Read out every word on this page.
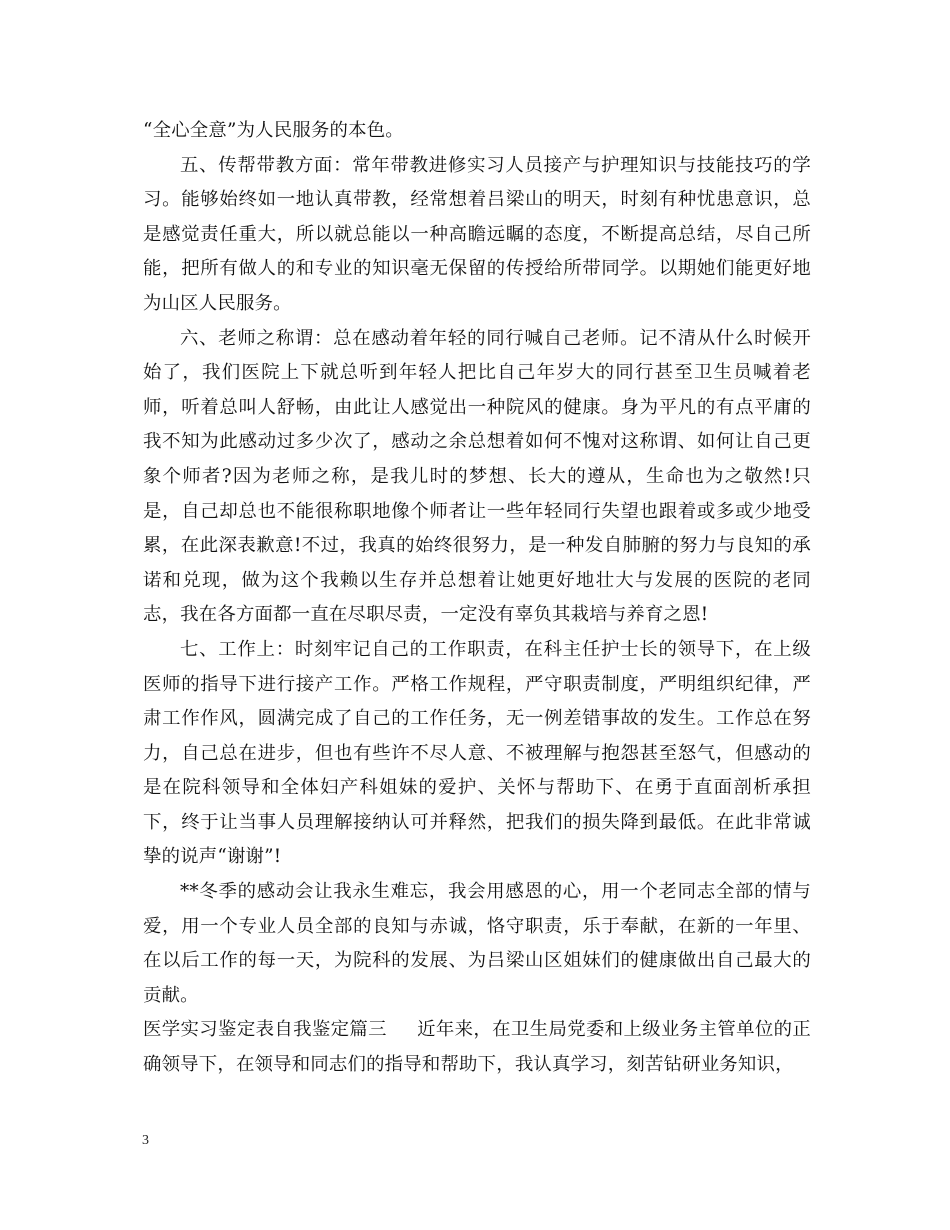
“全心全意”为人民服务的本色。

五、传帮带教方面：常年带教进修实习人员接产与护理知识与技能技巧的学习。能够始终如一地认真带教，经常想着吕梁山的明天，时刻有种忧患意识，总是感觉责任重大，所以就总能以一种高瞻远瞩的态度，不断提高总结，尽自己所能，把所有做人的和专业的知识毫无保留的传授给所带同学。以期她们能更好地为山区人民服务。

六、老师之称谓：总在感动着年轻的同行喊自己老师。记不清从什么时候开始了，我们医院上下就总听到年轻人把比自己年岁大的同行甚至卫生员喊着老师，听着总叫人舒畅，由此让人感觉出一种院风的健康。身为平凡的有点平庸的我不知为此感动过多少次了，感动之余总想着如何不愧对这称谓、如何让自己更象个师者?因为老师之称，是我儿时的梦想、长大的遵从，生命也为之敬然!只是，自己却总也不能很称职地像个师者让一些年轻同行失望也跟着或多或少地受累，在此深表歉意!不过，我真的始终很努力，是一种发自肺腑的努力与良知的承诺和兑现，做为这个我赖以生存并总想着让她更好地壮大与发展的医院的老同志，我在各方面都一直在尽职尽责，一定没有辜负其栽培与养育之恩!

七、工作上：时刻牢记自己的工作职责，在科主任护士长的领导下，在上级医师的指导下进行接产工作。严格工作规程，严守职责制度，严明组织纪律，严肃工作作风，圆满完成了自己的工作任务，无一例差错事故的发生。工作总在努力，自己总在进步，但也有些许不尽人意、不被理解与抱怨甚至怒气，但感动的是在院科领导和全体妇产科姐妹的爱护、关怀与帮助下、在勇于直面剖析承担下，终于让当事人员理解接纳认可并释然，把我们的损失降到最低。在此非常诚挚的说声“谢谢”!

**冬季的感动会让我永生难忘，我会用感恩的心，用一个老同志全部的情与爱，用一个专业人员全部的良知与赤诚，恪守职责，乐于奉献，在新的一年里、在以后工作的每一天，为院科的发展、为吕梁山区姐妹们的健康做出自己最大的贡献。

医学实习鉴定表自我鉴定篇三 近年来，在卫生局党委和上级业务主管单位的正确领导下，在领导和同志们的指导和帮助下，我认真学习，刻苦钻研业务知识，

3
